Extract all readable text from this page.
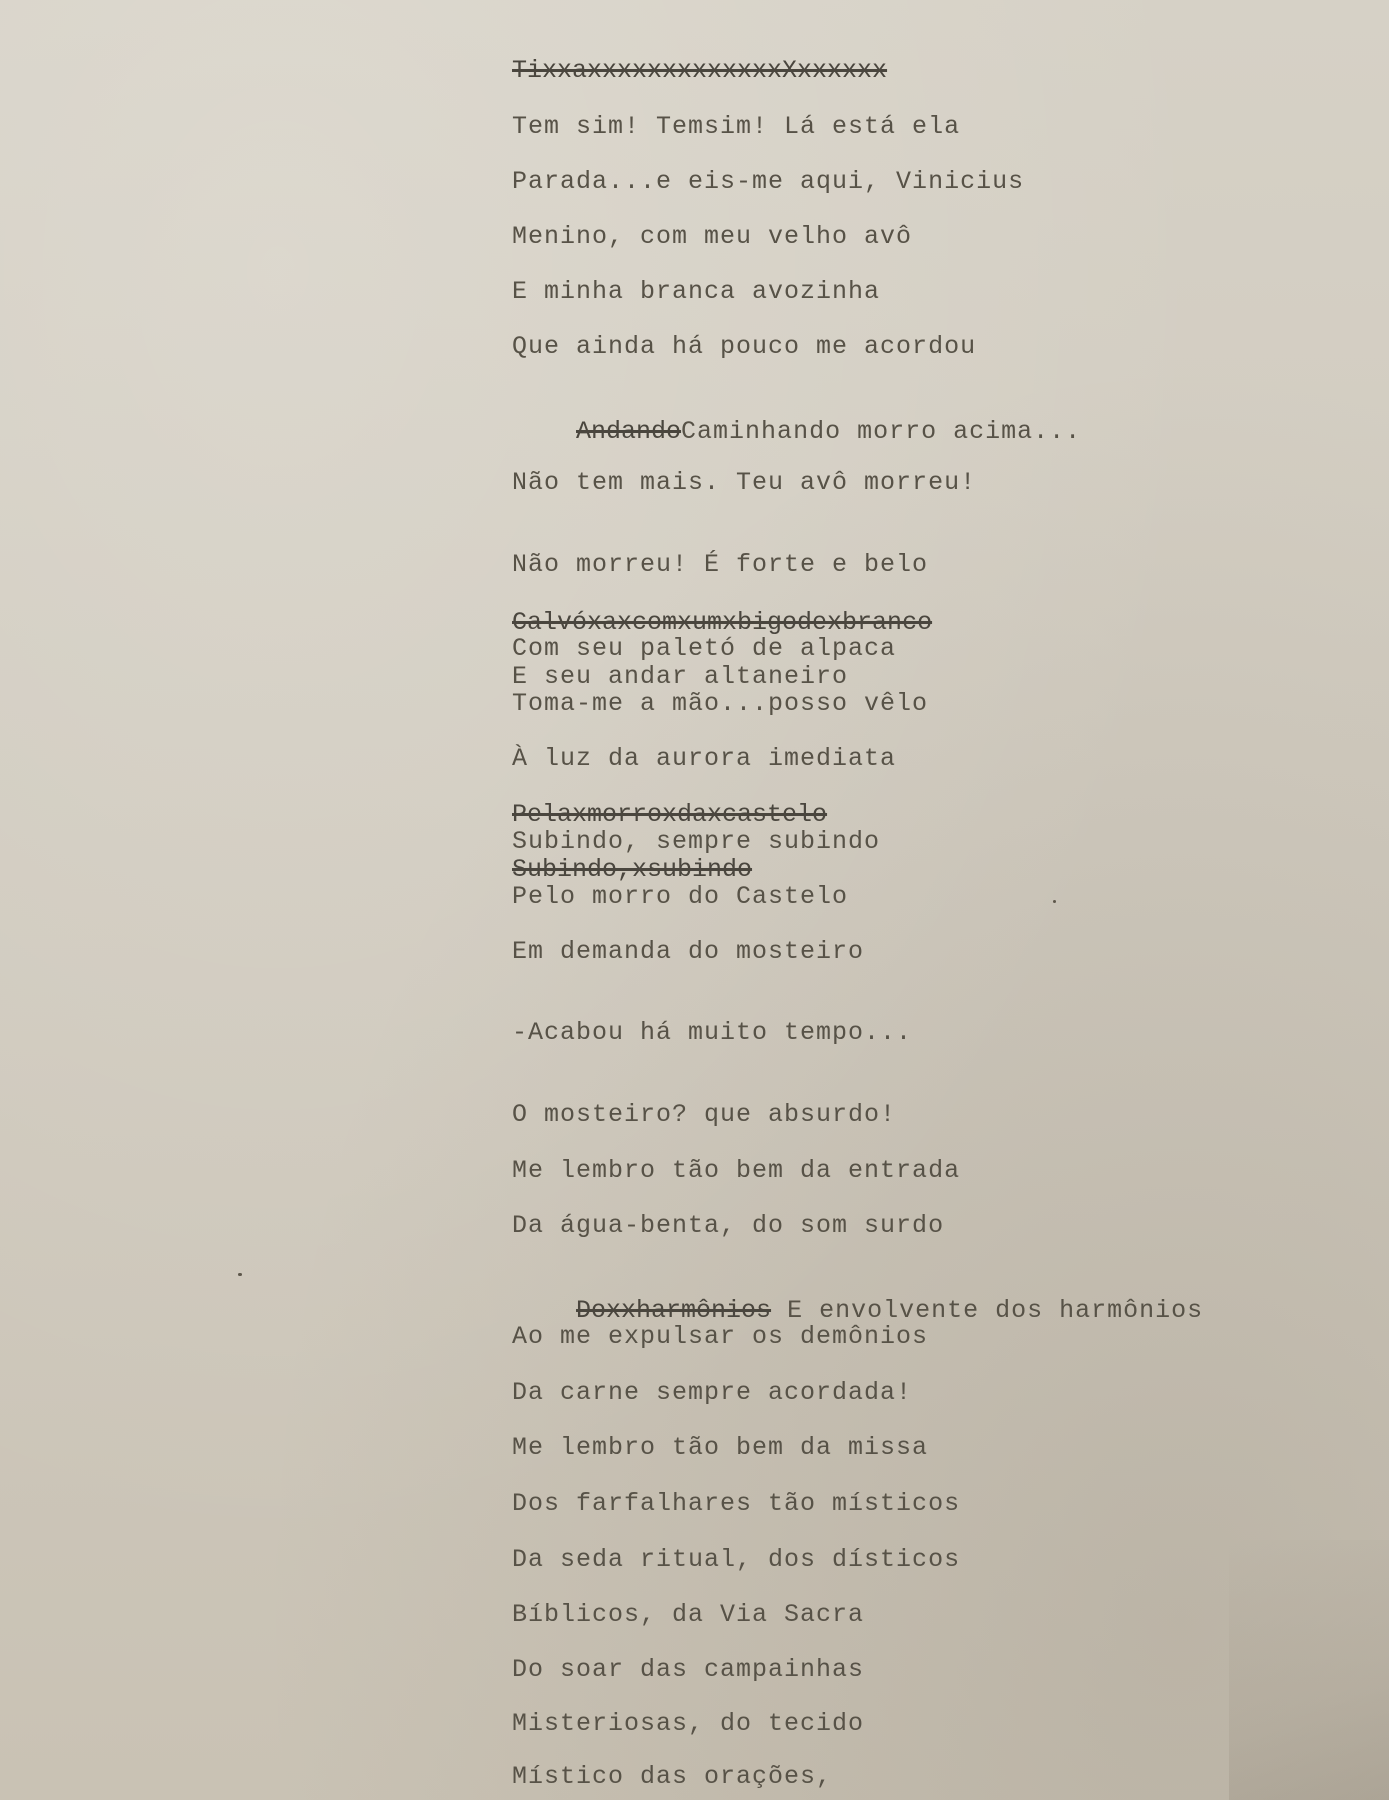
TixxaxxxxxxxxxxxxxXxxxxxx
Tem sim! Temsim! Lá está ela
Parada...e eis-me aqui, Vinicius
Menino, com meu velho avô
E minha branca avozinha
Que ainda há pouco me acordou

AndandoCaminhando morro acima...

Não tem mais. Teu avô morreu!
Não morreu! É forte e belo
Calvóxaxcomxumxbigodexbranco
Com seu paletó de alpaca
E seu andar altaneiro
Toma-me a mão...posso vêlo
À luz da aurora imediata
Pelaxmorroxdaxcastelo
Subindo, sempre subindo
Subindo,xsubindo
Pelo morro do Castelo
Em demanda do mosteiro
-Acabou há muito tempo...
O mosteiro? que absurdo!
Me lembro tão bem da entrada
Da água-benta, do som surdo

Doxxharmônios E envolvente dos harmônios

Ao me expulsar os demônios
Da carne sempre acordada!
Me lembro tão bem da missa
Dos farfalhares tão místicos
Da seda ritual, dos dísticos
Bíblicos, da Via Sacra
Do soar das campainhas
Misteriosas, do tecido
Místico das orações,
